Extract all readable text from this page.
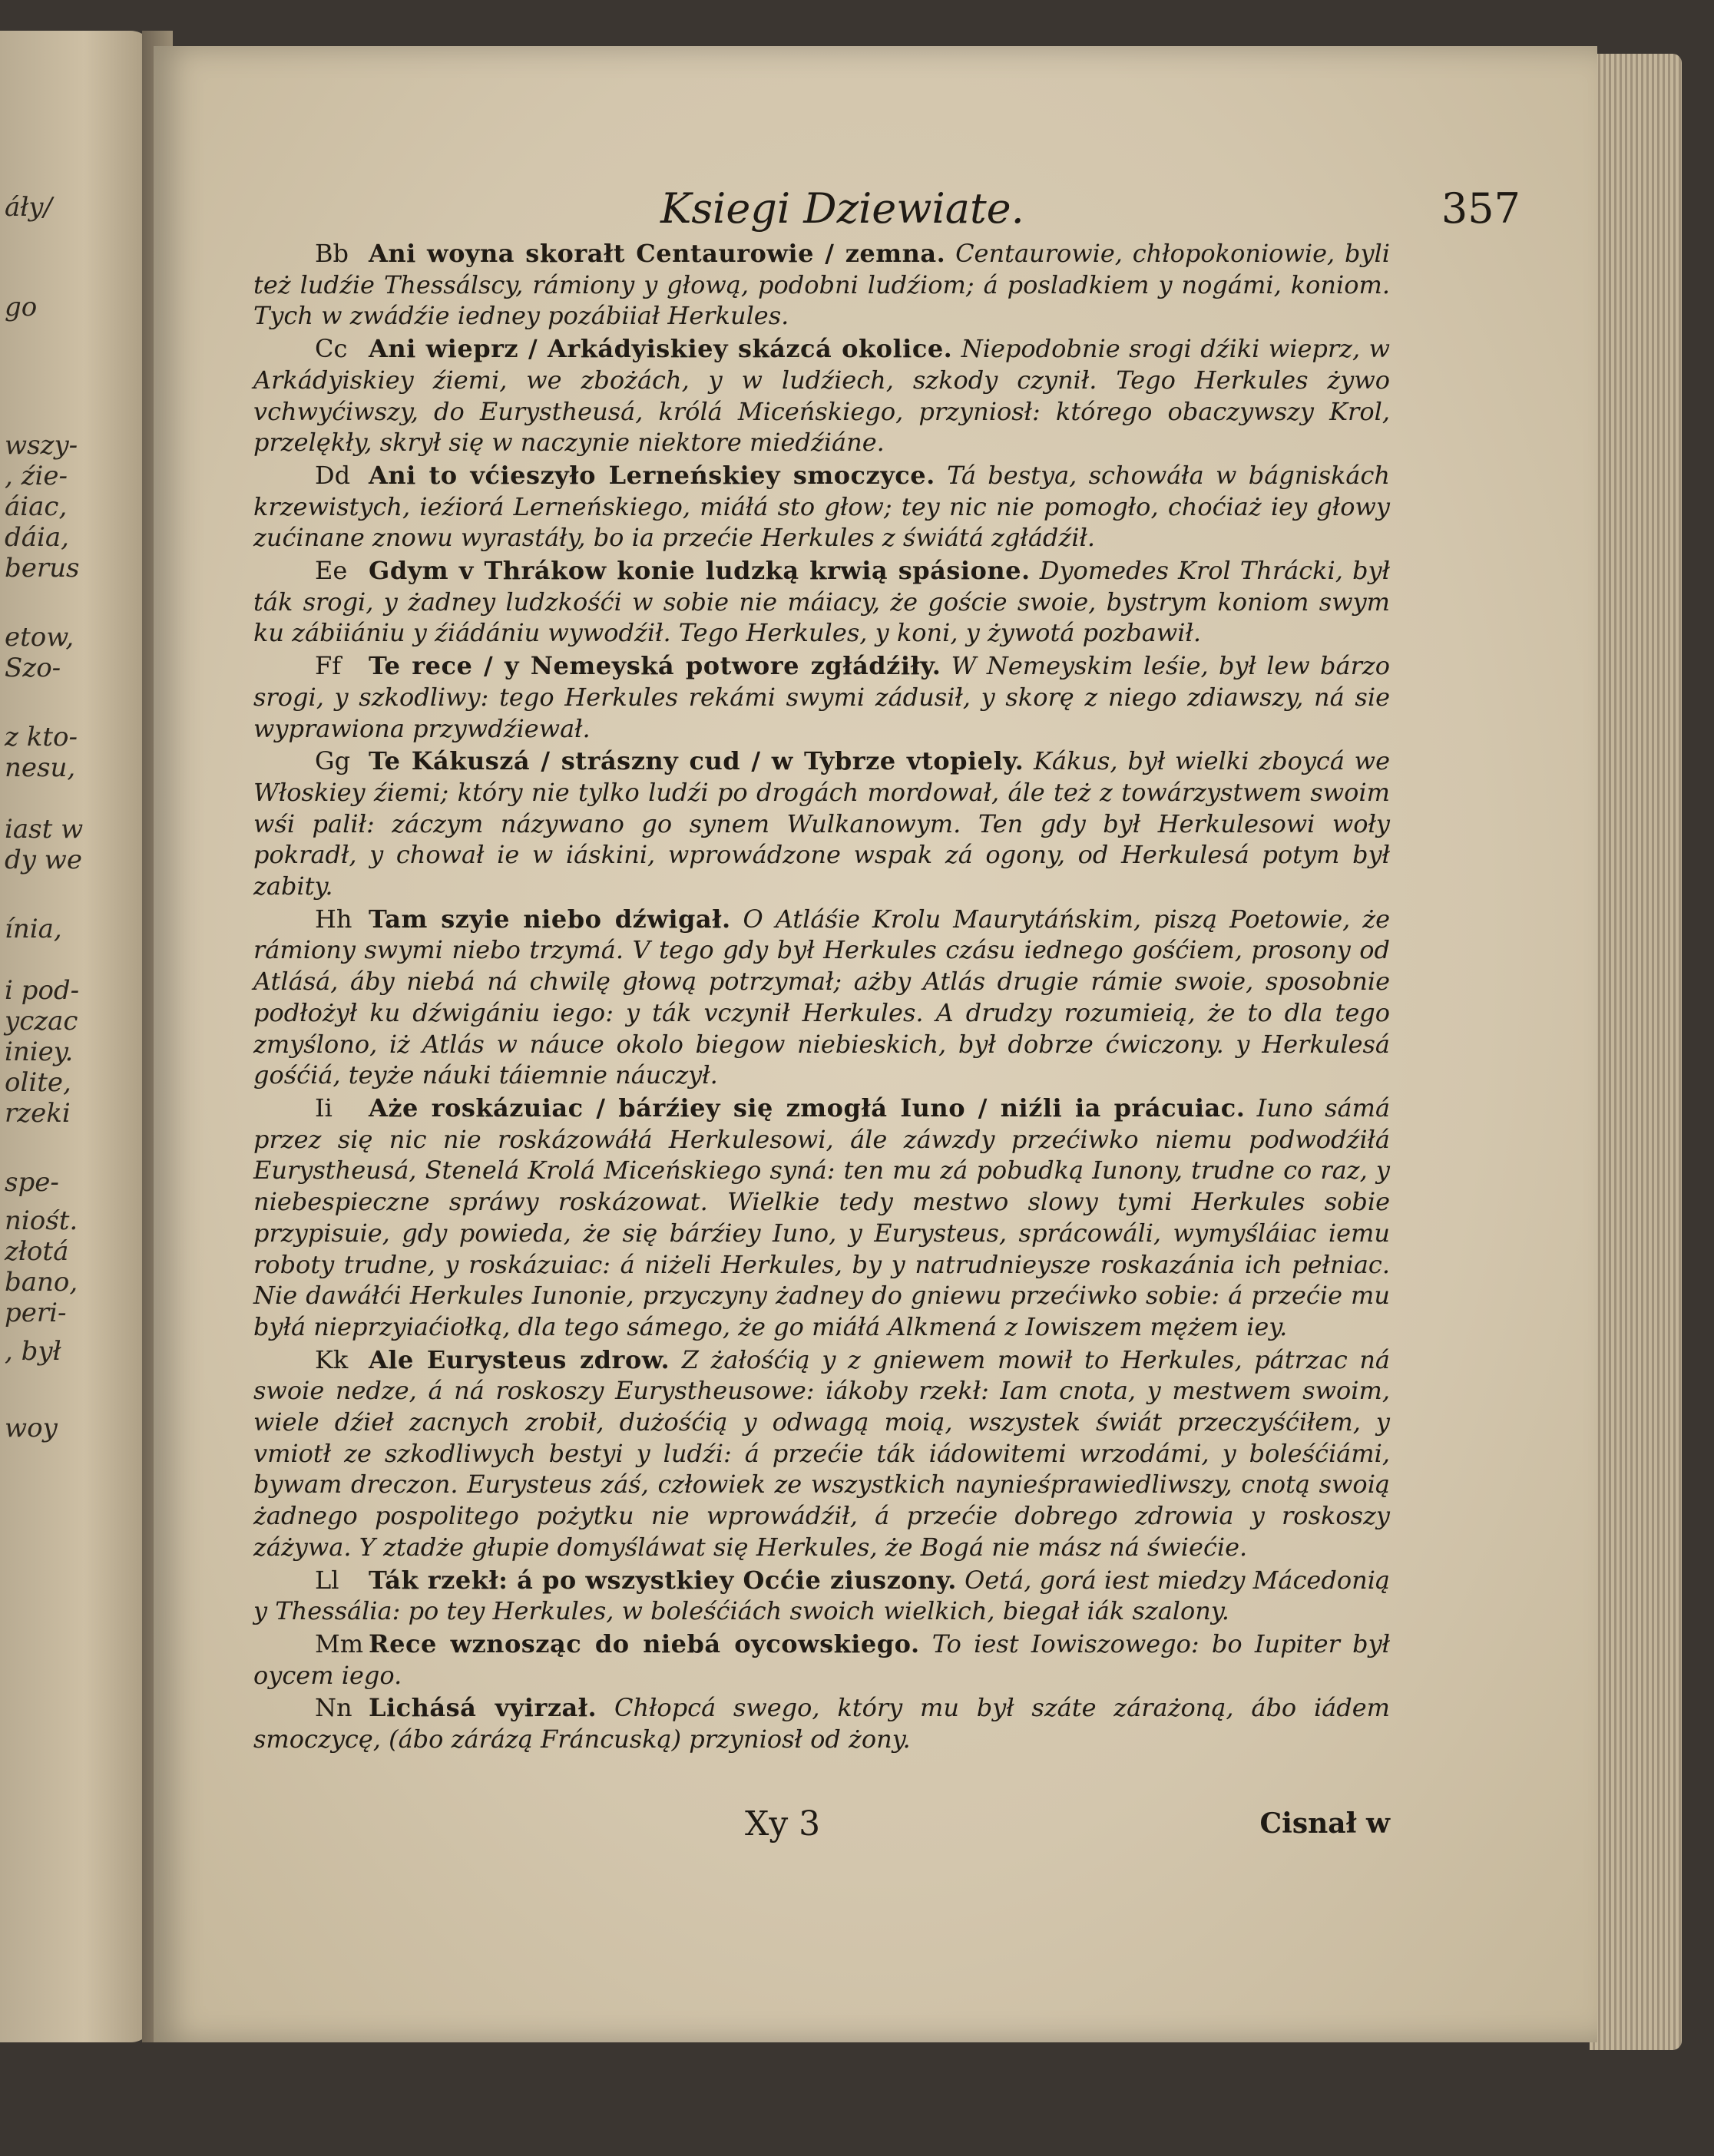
áły/
go
wszy-
, źie-
áiac,
dáia,
berus
etow,
Szo-
z kto-
nesu,
iast w
dy we
ínia,
i pod-
yczac
iniey.
olite,
rzeki
spe-
niośt.
złotá
bano,
peri-
, był
woy
Ksiegi Dziewiate.	357

Bb Ani woyna skorałt Centaurowie / zemna. Centaurowie, chłopokoniowie, byli też ludźie Thessálscy, rámiony y głową, podobni ludźiom; á posladkiem y nogámi, koniom. Tych w zwádźie iedney pozábiiał Herkules.

Cc Ani wieprz / Arkádyiskiey skázcá okolice. Niepodobnie srogi dźiki wieprz, w Arkádyiskiey źiemi, we zbożách, y w ludźiech, szkody czynił. Tego Herkules żywo vchwyćiwszy, do Eurystheusá, królá Miceńskiego, przyniosł: którego obaczywszy Krol, przelękły, skrył się w naczynie niektore miedźiáne.

Dd Ani to vćieszyło Lerneńskiey smoczyce. Tá bestya, schowáła w bágniskách krzewistych, ieźiorá Lerneńskiego, miáłá sto głow; tey nic nie pomogło, choćiaż iey głowy zućinane znowu wyrastáły, bo ia przećie Herkules z świátá zgłádźił.

Ee Gdym v Thrákow konie ludzką krwią spásione. Dyomedes Krol Thrácki, był ták srogi, y żadney ludzkośći w sobie nie máiacy, że goście swoie, bystrym koniom swym ku zábiiániu y źiádániu wywodźił. Tego Herkules, y koni, y żywotá pozbawił.

Ff Te rece / y Nemeyská potwore zgłádźiły. W Nemeyskim leśie, był lew bárzo srogi, y szkodliwy: tego Herkules rekámi swymi zádusił, y skorę z niego zdiawszy, ná sie wyprawiona przywdźiewał.

Gg Te Kákuszá / strászny cud / w Tybrze vtopiely. Kákus, był wielki zboycá we Włoskiey źiemi; który nie tylko ludźi po drogách mordował, ále też z towárzystwem swoim wśi palił: záczym názywano go synem Wulkanowym. Ten gdy był Herkulesowi woły pokradł, y chował ie w iáskini, wprowádzone wspak zá ogony, od Herkulesá potym był zabity.

Hh Tam szyie niebo dźwigał. O Atláśie Krolu Maurytáńskim, piszą Poetowie, że rámiony swymi niebo trzymá. V tego gdy był Herkules czásu iednego gośćiem, prosony od Atlásá, áby niebá ná chwilę głową potrzymał; ażby Atlás drugie rámie swoie, sposobnie podłożył ku dźwigániu iego: y ták vczynił Herkules. A drudzy rozumieią, że to dla tego zmyślono, iż Atlás w náuce okolo biegow niebieskich, był dobrze ćwiczony. y Herkulesá gośćiá, teyże náuki táiemnie náuczył.

Ii Aże roskázuiac / bárźiey się zmogłá Iuno / niźli ia prácuiac. Iuno sámá przez się nic nie roskázowáłá Herkulesowi, ále záwzdy przećiwko niemu podwodźiłá Eurystheusá, Stenelá Krolá Miceńskiego syná: ten mu zá pobudką Iunony, trudne co raz, y niebespieczne spráwy roskázowat. Wielkie tedy mestwo slowy tymi Herkules sobie przypisuie, gdy powieda, że się bárźiey Iuno, y Eurysteus, sprácowáli, wymyśláiac iemu roboty trudne, y roskázuiac: á niżeli Herkules, by y natrudnieysze roskazánia ich pełniac. Nie dawáłći Herkules Iunonie, przyczyny żadney do gniewu przećiwko sobie: á przećie mu byłá nieprzyiaćiołką, dla tego sámego, że go miáłá Alkmená z Iowiszem mężem iey.

Kk Ale Eurysteus zdrow. Z żałośćią y z gniewem mowił to Herkules, pátrzac ná swoie nedze, á ná roskoszy Eurystheusowe: iákoby rzekł: Iam cnota, y mestwem swoim, wiele dźieł zacnych zrobił, dużośćią y odwagą moią, wszystek świát przeczyśćiłem, y vmiotł ze szkodliwych bestyi y ludźi: á przećie ták iádowitemi wrzodámi, y boleśćiámi, bywam dreczon. Eurysteus záś, człowiek ze wszystkich naynieśprawiedliwszy, cnotą swoią żadnego pospolitego pożytku nie wprowádźił, á przećie dobrego zdrowia y roskoszy záżywa. Y ztadże głupie domyśláwat się Herkules, że Bogá nie mász ná świećie.

Ll Ták rzekł: á po wszystkiey Ocćie ziuszony. Oetá, gorá iest miedzy Mácedonią y Thessália: po tey Herkules, w boleśćiách swoich wielkich, biegał iák szalony.

Mm Rece wznosząc do niebá oycowskiego. To iest Iowiszowego: bo Iupiter był oycem iego.

Nn Lichásá vyirzał. Chłopcá swego, który mu był száte zárażoną, ábo iádem smoczycę, (ábo zárázą Fráncuską) przyniosł od żony.

Xy 3	Cisnał w
